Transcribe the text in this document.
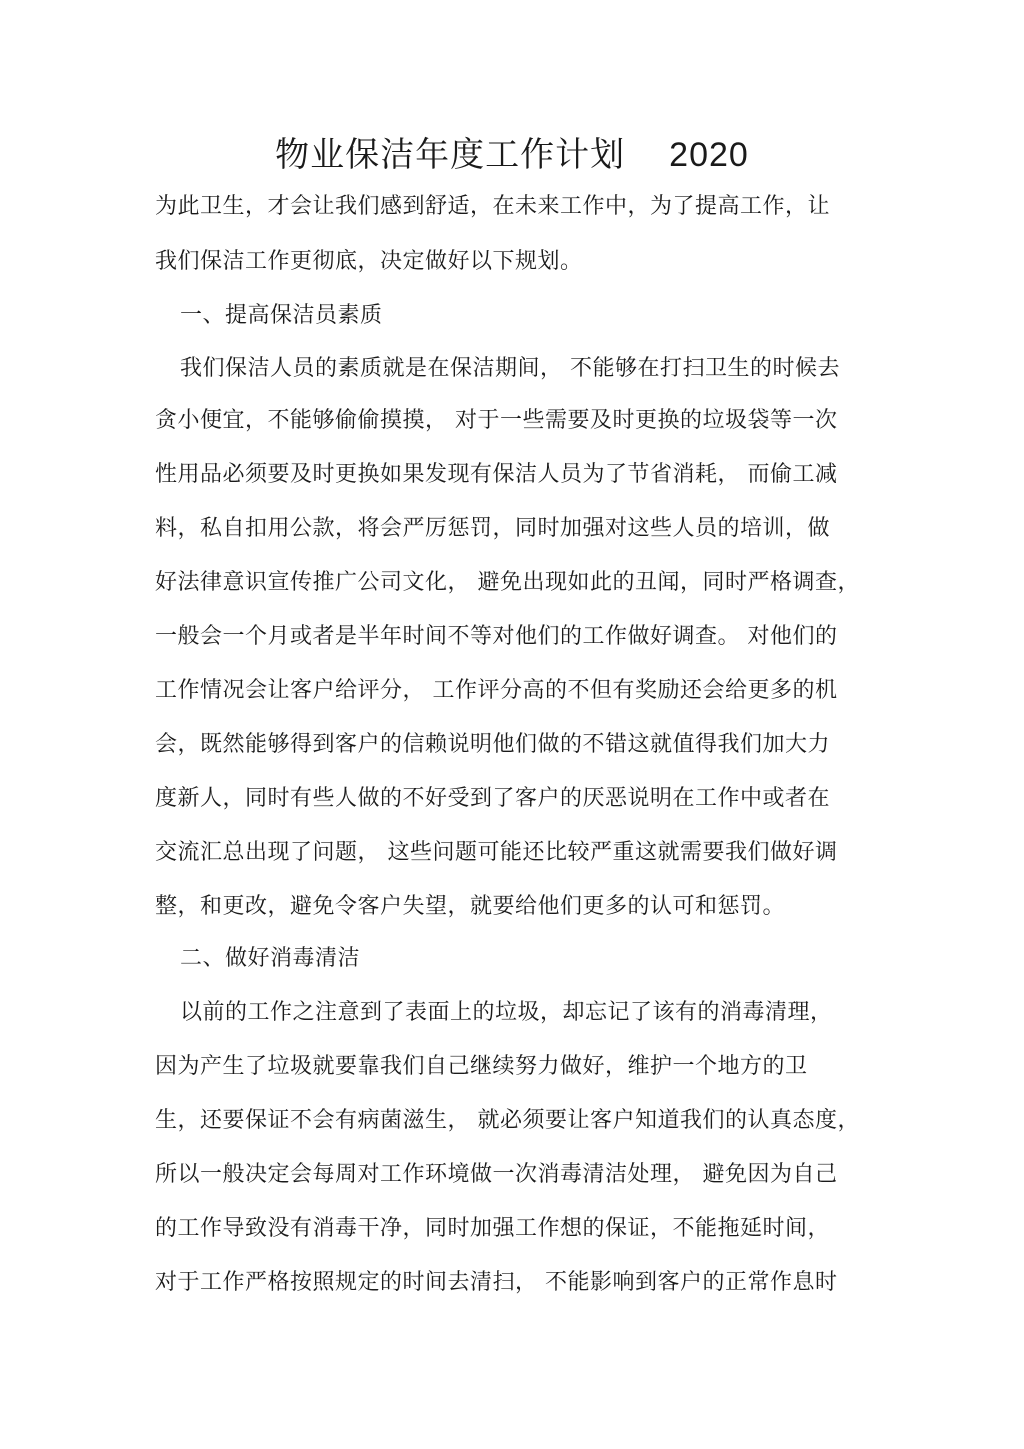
物业保洁年度工作计划 2020
为此卫生，才会让我们感到舒适，在未来工作中，为了提高工作，让
我们保洁工作更彻底，决定做好以下规划。
一、提高保洁员素质
我们保洁人员的素质就是在保洁期间， 不能够在打扫卫生的时候去
贪小便宜，不能够偷偷摸摸， 对于一些需要及时更换的垃圾袋等一次
性用品必须要及时更换如果发现有保洁人员为了节省消耗， 而偷工减
料，私自扣用公款，将会严厉惩罚，同时加强对这些人员的培训，做
好法律意识宣传推广公司文化， 避免出现如此的丑闻，同时严格调查，
一般会一个月或者是半年时间不等对他们的工作做好调查。 对他们的
工作情况会让客户给评分， 工作评分高的不但有奖励还会给更多的机
会，既然能够得到客户的信赖说明他们做的不错这就值得我们加大力
度新人，同时有些人做的不好受到了客户的厌恶说明在工作中或者在
交流汇总出现了问题， 这些问题可能还比较严重这就需要我们做好调
整，和更改，避免令客户失望，就要给他们更多的认可和惩罚。
二、做好消毒清洁
以前的工作之注意到了表面上的垃圾，却忘记了该有的消毒清理，
因为产生了垃圾就要靠我们自己继续努力做好，维护一个地方的卫
生，还要保证不会有病菌滋生， 就必须要让客户知道我们的认真态度，
所以一般决定会每周对工作环境做一次消毒清洁处理， 避免因为自己
的工作导致没有消毒干净，同时加强工作想的保证，不能拖延时间，
对于工作严格按照规定的时间去清扫， 不能影响到客户的正常作息时
